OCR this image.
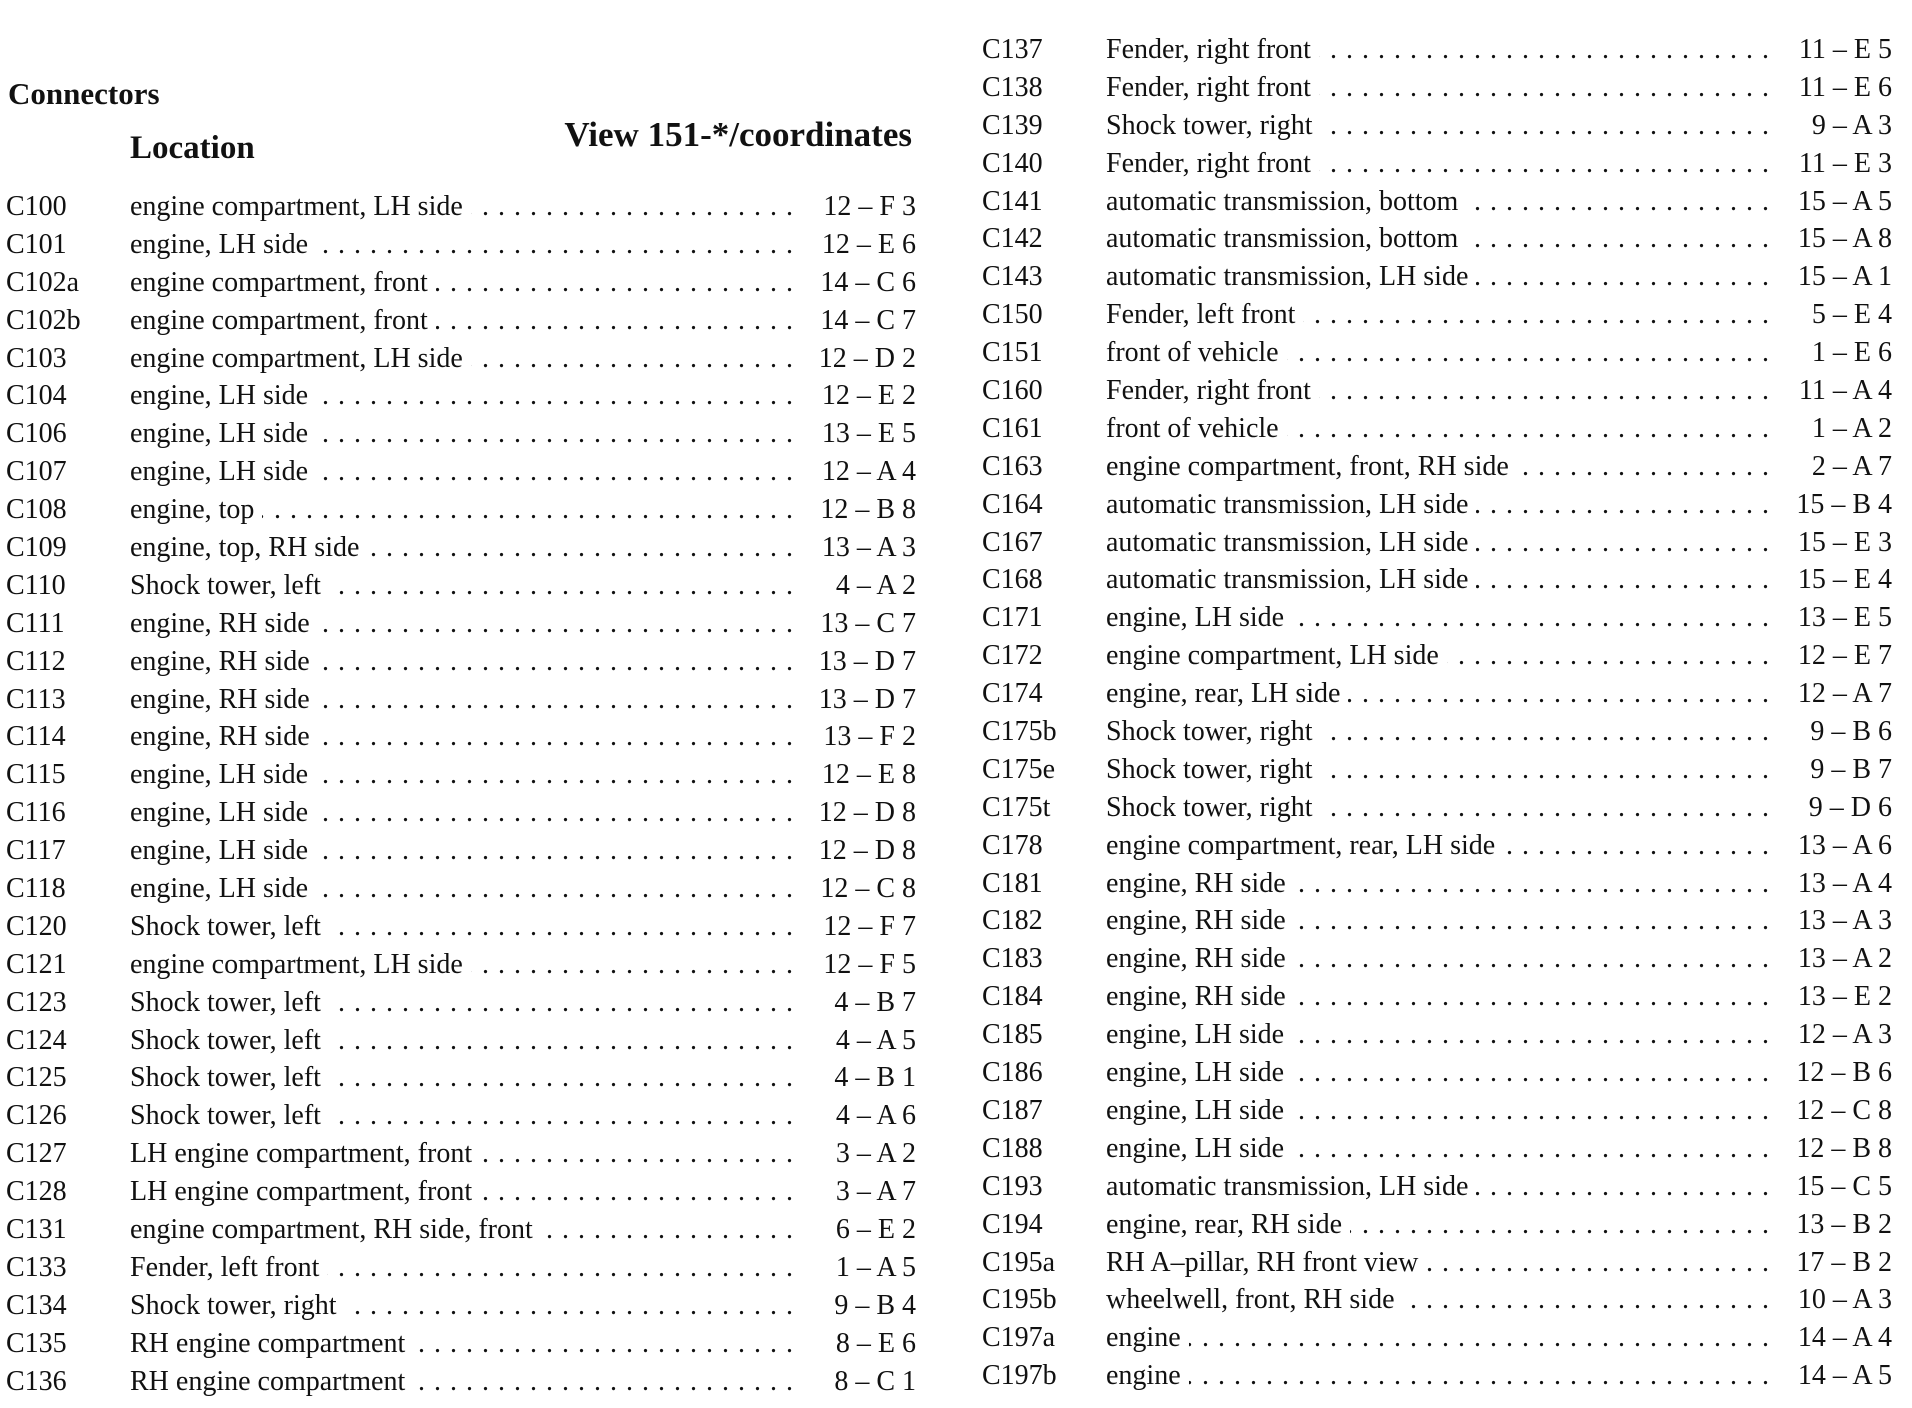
Connectors
Location	View 151-*/coordinates
C100	engine compartment, LH side . . .	12 – F 3
C101	engine, LH side . . .	12 – E 6
C102a	engine compartment, front . . .	14 – C 6
C102b	engine compartment, front . . .	14 – C 7
C103	engine compartment, LH side . . .	12 – D 2
C104	engine, LH side . . .	12 – E 2
C106	engine, LH side . . .	13 – E 5
C107	engine, LH side . . .	12 – A 4
C108	engine, top . . .	12 – B 8
C109	engine, top, RH side . . .	13 – A 3
C110	Shock tower, left . . .	4 – A 2
C111	engine, RH side . . .	13 – C 7
C112	engine, RH side . . .	13 – D 7
C113	engine, RH side . . .	13 – D 7
C114	engine, RH side . . .	13 – F 2
C115	engine, LH side . . .	12 – E 8
C116	engine, LH side . . .	12 – D 8
C117	engine, LH side . . .	12 – D 8
C118	engine, LH side . . .	12 – C 8
C120	Shock tower, left . . .	12 – F 7
C121	engine compartment, LH side . . .	12 – F 5
C123	Shock tower, left . . .	4 – B 7
C124	Shock tower, left . . .	4 – A 5
C125	Shock tower, left . . .	4 – B 1
C126	Shock tower, left . . .	4 – A 6
C127	LH engine compartment, front . . .	3 – A 2
C128	LH engine compartment, front . . .	3 – A 7
C131	engine compartment, RH side, front . . .	6 – E 2
C133	Fender, left front . . .	1 – A 5
C134	Shock tower, right . . .	9 – B 4
C135	RH engine compartment . . .	8 – E 6
C136	RH engine compartment . . .	8 – C 1
C137	Fender, right front . . .	11 – E 5
C138	Fender, right front . . .	11 – E 6
C139	Shock tower, right . . .	9 – A 3
C140	Fender, right front . . .	11 – E 3
C141	automatic transmission, bottom . . .	15 – A 5
C142	automatic transmission, bottom . . .	15 – A 8
C143	automatic transmission, LH side . . .	15 – A 1
C150	Fender, left front . . .	5 – E 4
C151	front of vehicle . . .	1 – E 6
C160	Fender, right front . . .	11 – A 4
C161	front of vehicle . . .	1 – A 2
C163	engine compartment, front, RH side . . .	2 – A 7
C164	automatic transmission, LH side . . .	15 – B 4
C167	automatic transmission, LH side . . .	15 – E 3
C168	automatic transmission, LH side . . .	15 – E 4
C171	engine, LH side . . .	13 – E 5
C172	engine compartment, LH side . . .	12 – E 7
C174	engine, rear, LH side . . .	12 – A 7
C175b	Shock tower, right . . .	9 – B 6
C175e	Shock tower, right . . .	9 – B 7
C175t	Shock tower, right . . .	9 – D 6
C178	engine compartment, rear, LH side . . .	13 – A 6
C181	engine, RH side . . .	13 – A 4
C182	engine, RH side . . .	13 – A 3
C183	engine, RH side . . .	13 – A 2
C184	engine, RH side . . .	13 – E 2
C185	engine, LH side . . .	12 – A 3
C186	engine, LH side . . .	12 – B 6
C187	engine, LH side . . .	12 – C 8
C188	engine, LH side . . .	12 – B 8
C193	automatic transmission, LH side . . .	15 – C 5
C194	engine, rear, RH side . . .	13 – B 2
C195a	RH A–pillar, RH front view . . .	17 – B 2
C195b	wheelwell, front, RH side . . .	10 – A 3
C197a	engine . . .	14 – A 4
C197b	engine . . .	14 – A 5
